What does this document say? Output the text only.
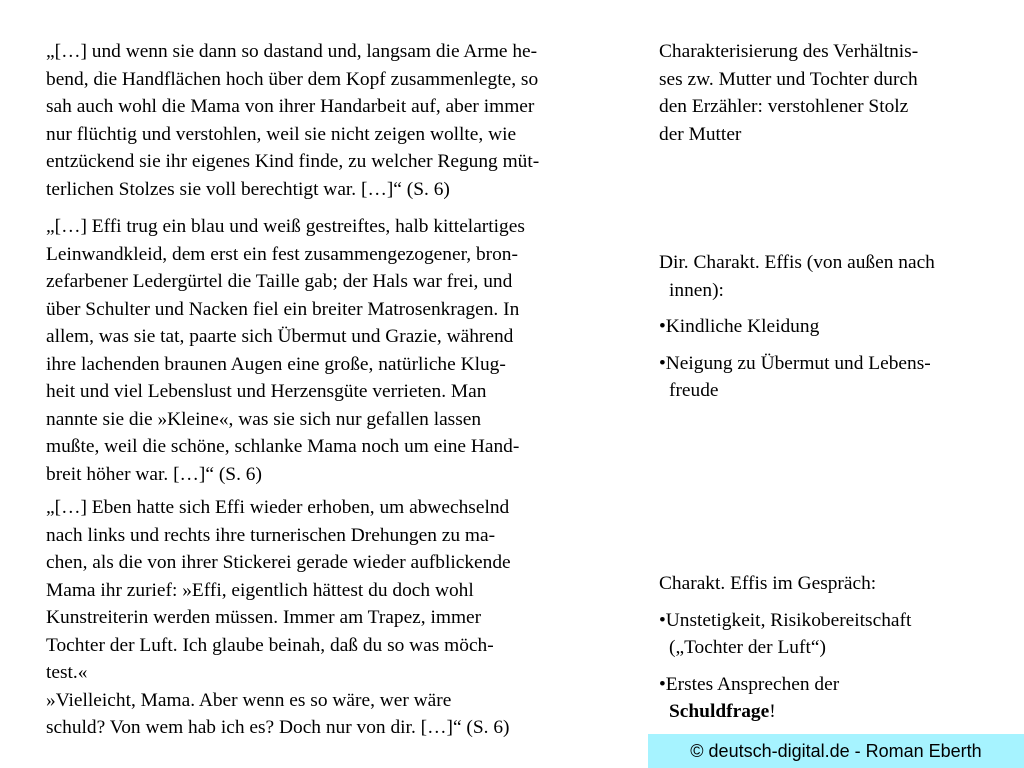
„[…] und wenn sie dann so dastand und, langsam die Arme he-
bend, die Handflächen hoch über dem Kopf zusammenlegte, so
sah auch wohl die Mama von ihrer Handarbeit auf, aber immer
nur flüchtig und verstohlen, weil sie nicht zeigen wollte, wie
entzückend sie ihr eigenes Kind finde, zu welcher Regung müt-
terlichen Stolzes sie voll berechtigt war. […]“ (S. 6)
„[…] Effi trug ein blau und weiß gestreiftes, halb kittelartiges
Leinwandkleid, dem erst ein fest zusammengezogener, bron-
zefarbener Ledergürtel die Taille gab; der Hals war frei, und
über Schulter und Nacken fiel ein breiter Matrosenkragen. In
allem, was sie tat, paarte sich Übermut und Grazie, während
ihre lachenden braunen Augen eine große, natürliche Klug-
heit und viel Lebenslust und Herzensgüte verrieten. Man
nannte sie die »Kleine«, was sie sich nur gefallen lassen
mußte, weil die schöne, schlanke Mama noch um eine Hand-
breit höher war. […]“ (S. 6)
„[…] Eben hatte sich Effi wieder erhoben, um abwechselnd
nach links und rechts ihre turnerischen Drehungen zu ma-
chen, als die von ihrer Stickerei gerade wieder aufblickende
Mama ihr zurief: »Effi, eigentlich hättest du doch wohl
Kunstreiterin werden müssen. Immer am Trapez, immer
Tochter der Luft. Ich glaube beinah, daß du so was möch-
test.«
»Vielleicht, Mama. Aber wenn es so wäre, wer wäre
schuld? Von wem hab ich es? Doch nur von dir. […]“ (S. 6)

Charakterisierung des Verhältnis-
ses zw. Mutter und Tochter durch
den Erzähler: verstohlener Stolz
der Mutter

Dir. Charakt. Effis (von außen nach
innen):

•Kindliche Kleidung

•Neigung zu Übermut und Lebens-
freude

Charakt. Effis im Gespräch:

•Unstetigkeit, Risikobereitschaft
(„Tochter der Luft“)

•Erstes Ansprechen der
Schuldfrage!

© deutsch-digital.de - Roman Eberth
